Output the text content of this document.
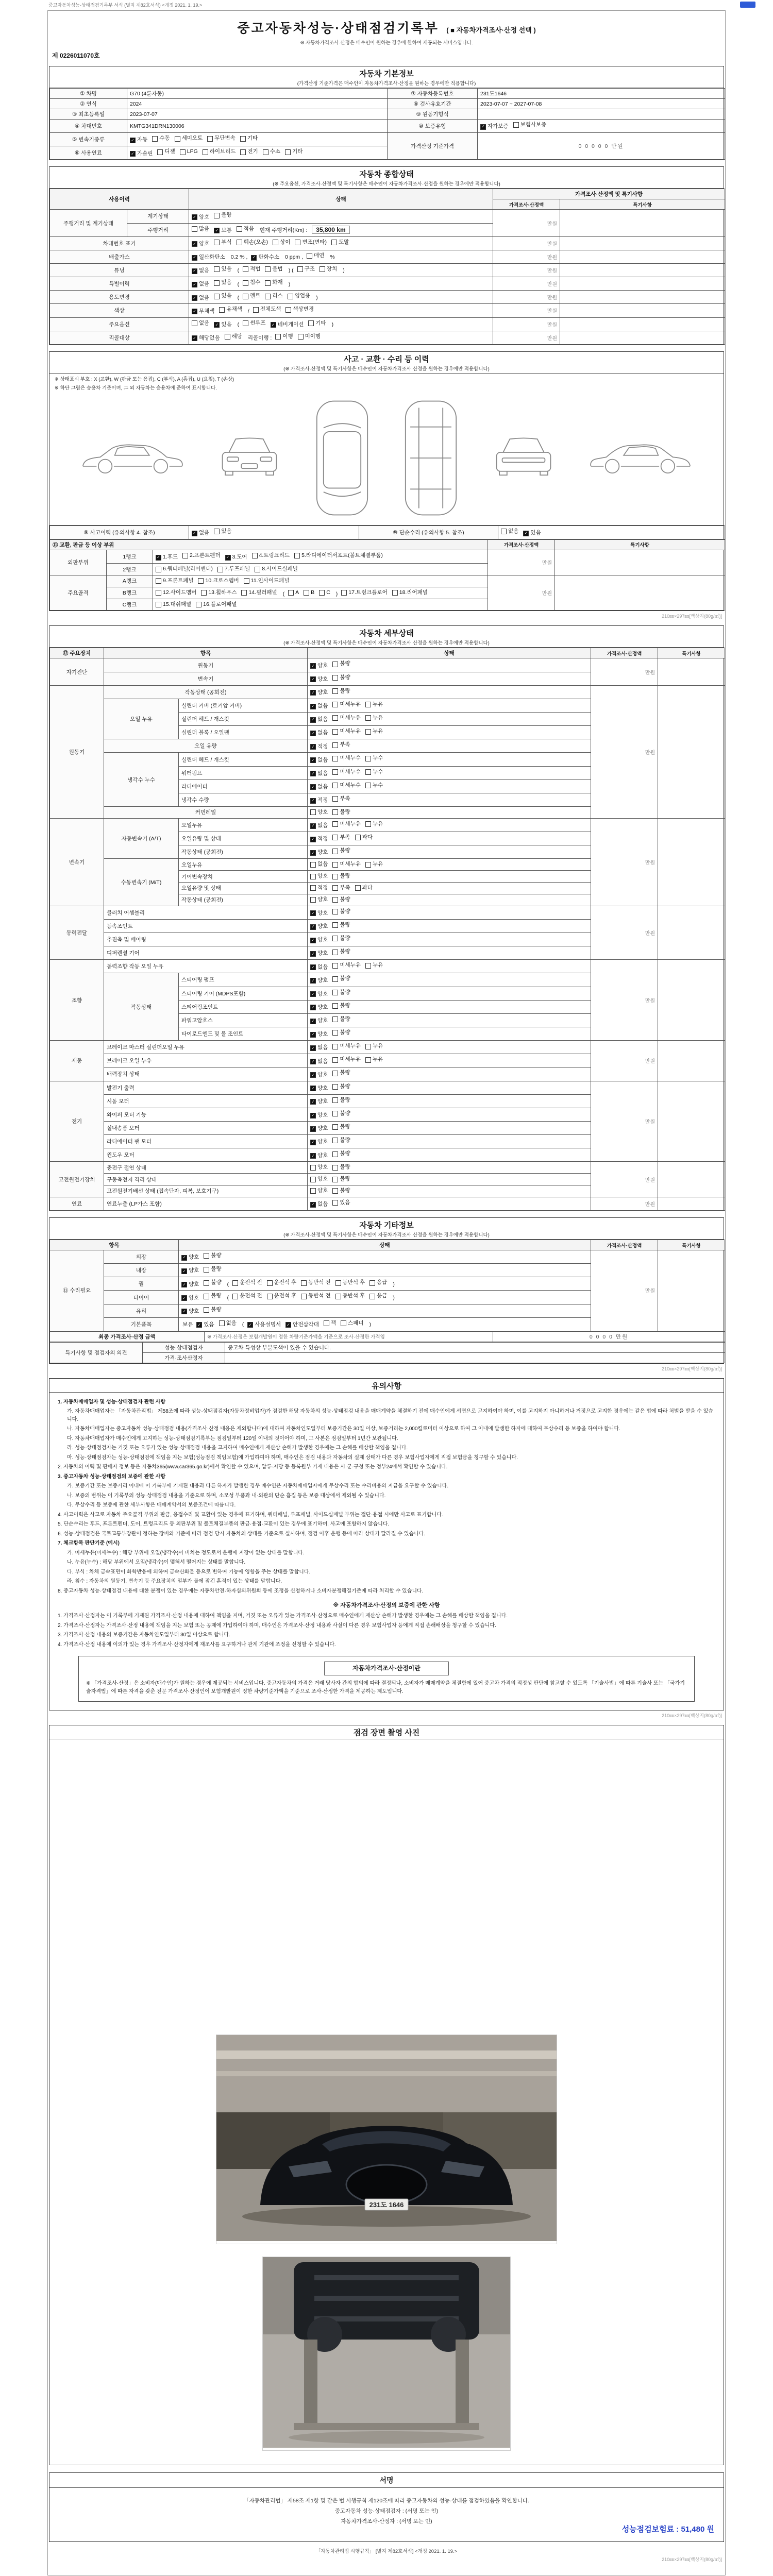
중고자동차성능·상태점검기록부 서식 (별지 제82호서식) <개정 2021. 1. 19.>
중고자동차성능·상태점검기록부 ( ■ 자동차가격조사·산정 선택 )
※ 자동차가격조사·산정은 매수인이 원하는 경우에 한하여 제공되는 서비스입니다.
제 0226011070호
자동차 기본정보
(가격산정 기준가격은 매수인이 자동차가격조사·산정을 원하는 경우에만 적용합니다)
① 차명	G70 (4륜자동)	⑦ 자동차등록번호	231도1646
② 연식	2024	⑧ 검사유효기간	2023-07-07 ~ 2027-07-08
③ 최초등록일	2023-07-07	⑨ 원동기형식	
④ 차대번호	KMTG341DRN130006	⑩ 보증유형	✓ 자가보증 보험사보증

⑤ 변속기종류	✓ 자동 수동 세미오토 무단변속 기타
	가격산정 기준가격	0 0 0 0 0 만원
⑥ 사용연료	✓ 가솔린 디젤 LPG 하이브리드 전기 수소 기타
자동차 종합상태
(※ 주요옵션, 가격조사·산정액 및 특기사항은 매수인이 자동차가격조사·산정을 원하는 경우에만 적용합니다)
사용이력		상태	가격조사·산정액 및 특기사항	
			가격조사·산정액	특기사항
주행거리 및 계기상태	계기상태	✓ 양호 불량	만원	
	주행거리	많음 ✓ 보통 적음 현재 주행거리(Km) : 35,800 km		
차대번호 표기	✓ 양호 부식 훼손(오손) 상이 변조(변타) 도말	만원	
배출가스	✓ 일산화탄소 0.2 % , ✓ 탄화수소 0 ppm , 매연 %	만원	
튜닝	✓ 없음 있음 ( 적법 불법 ) ( 구조 장치 )	만원	
특별이력	✓ 없음 있음 ( 침수 화재 )	만원	
용도변경	✓ 없음 있음 ( 렌트 리스 영업용 )	만원	
색상	✓ 무채색 유채색 / 전체도색 색상변경	만원	
주요옵션	없음 ✓ 있음 ( 썬루프 ✓ 네비게이션 기타 )	만원	
리콜대상	✓ 해당없음 해당 리콜이행 : 이행 미이행	만원	
사고 · 교환 · 수리 등 이력
(※ 가격조사·산정액 및 특기사항은 매수인이 자동차가격조사·산정을 원하는 경우에만 적용합니다)
※ 상태표시 부호 : X (교환), W (판금 또는 용접), C (부식), A (흠집), U (요철), T (손상)
※ 하단 그림은 승용차 기준이며, 그 외 자동차는 승용차에 준하여 표시합니다.
⑨ 사고이력 (유의사항 4. 참조)	✓ 없음 있음	⑩ 단순수리 (유의사항 5. 참조)	없음 ✓ 있음
⑪ 교환, 판금 등 이상 부위			가격조사·산정액	특기사항
외판부위	1랭크	✓ 1.후드 2.프론트펜더 ✓ 3.도어 4.트렁크리드 5.라디에이터서포트(볼트체결부품)
	만원	
	2랭크	6.쿼터패널(리어펜더) 7.루프패널 8.사이드실패널		

주요골격	A랭크	9.프론트패널 10.크로스멤버 11.인사이드패널	만원	
B랭크	12.사이드멤버 13.휠하우스 14.필러패널 ( A B C ) 17.트렁크플로어 18.리어패널

	C랭크	15.대쉬패널 16.플로어패널		
210㎜×297㎜[백상지(80g/㎡)]
자동차 세부상태
(※ 가격조사·산정액 및 특기사항은 매수인이 자동차가격조사·산정을 원하는 경우에만 적용합니다)
⑫ 주요장치	항목		상태	가격조사·산정액	특기사항
자기진단	원동기		✓ 양호 불량	만원	
	변속기		✓ 양호 불량		

원동기	작동상태 (공회전)		✓ 양호 불량	만원	
	오일 누유	실린더 커버 (로커암 커버)	✓ 없음 미세누유 누유		

		실린더 헤드 / 개스킷	✓ 없음 미세누유 누유		

		실린더 블록 / 오일팬	✓ 없음 미세누유 누유		

	오일 유량		✓ 적정 부족		

	냉각수 누수	실린더 헤드 / 개스킷	✓ 없음 미세누수 누수		

		워터펌프	✓ 없음 미세누수 누수		

		라디에이터	✓ 없음 미세누수 누수		

		냉각수 수량	✓ 적정 부족		

	커먼레일		양호 불량		

변속기	자동변속기 (A/T)	오일누유	✓ 없음 미세누유 누유	만원	
		오일유량 및 상태	✓ 적정 부족 과다		

		작동상태 (공회전)	✓ 양호 불량		

	수동변속기 (M/T)	오일누유	없음 미세누유 누유		

		기어변속장치	양호 불량		

		오일유량 및 상태	적정 부족 과다		

		작동상태 (공회전)	양호 불량		

동력전달	클러치 어셈블리		✓ 양호 불량	만원	
	등속조인트		✓ 양호 불량		

	추진축 및 베어링		✓ 양호 불량		

	디퍼렌셜 기어		✓ 양호 불량		

조향	동력조향 작동 오일 누유		✓ 없음 미세누유 누유	만원	
	작동상태	스티어링 펌프	✓ 양호 불량		

		스티어링 기어 (MDPS포함)	✓ 양호 불량		

		스티어링조인트	✓ 양호 불량		

		파워고압호스	✓ 양호 불량		

		타이로드엔드 및 볼 조인트	✓ 양호 불량		

제동	브레이크 마스터 실린더오일 누유		✓ 없음 미세누유 누유	만원	
	브레이크 오일 누유		✓ 없음 미세누유 누유		

	배력장치 상태		✓ 양호 불량		

전기	발전기 출력		✓ 양호 불량	만원	
	시동 모터		✓ 양호 불량		

	와이퍼 모터 기능		✓ 양호 불량		

	실내송풍 모터		✓ 양호 불량		

	라디에이터 팬 모터		✓ 양호 불량		

	윈도우 모터		✓ 양호 불량		

고전원전기장치	충전구 절연 상태		양호 불량	만원	
	구동축전지 격리 상태		양호 불량		

	고전원전기배선 상태 (접속단자, 피복, 보호기구)		양호 불량		

연료	연료누출 (LP가스 포함)		✓ 없음 있음	만원	
자동차 기타정보
(※ 가격조사·산정액 및 특기사항은 매수인이 자동차가격조사·산정을 원하는 경우에만 적용합니다)
항목		상태	가격조사·산정액	특기사항
⑬ 수리필요	외장	✓ 양호 불량	만원	
	내장	✓ 양호 불량		

휠	✓ 양호 불량 ( 운전석 전 운전석 후 동반석 전 동반석 후 응급 )
타이어	✓ 양호 불량 ( 운전석 전 운전석 후 동반석 전 동반석 후 응급 )
	유리	✓ 양호 불량		

기본품목	보유 ✓ 있음 없음 ( ✓ 사용설명서 ✓ 안전삼각대 잭 스패너 )
최종 가격조사·산정 금액	※ 가격조사·산정은 보험개발원이 정한 차량기준가액을 기준으로 조사·산정한 가격임	0 0 0 0 만원
특기사항 및 점검자의 의견	성능·상태점검자	중고차 특성상 부분도색이 있을 수 있습니다.
	가격·조사산정자	
210㎜×297㎜[백상지(80g/㎡)]
유의사항
1. 자동차매매업자 및 성능·상태점검자 관련 사항
가. 자동차매매업자는 「자동차관리법」 제58조에 따라 성능·상태점검자(자동차정비업자)가 점검한 해당 자동차의 성능·상태점검 내용을 매매계약을 체결하기 전에 매수인에게 서면으로 고지하여야 하며, 이를 고지하지 아니하거나 거짓으로 고지한 경우에는 같은 법에 따라 처벌을 받을 수 있습니다.
나. 자동차매매업자는 중고자동차 성능·상태점검 내용(가격조사·산정 내용은 제외합니다)에 대하여 자동차인도일부터 보증기간은 30일 이상, 보증거리는 2,000킬로미터 이상으로 하여 그 이내에 발생한 하자에 대하여 무상수리 등 보증을 하여야 합니다.
다. 자동차매매업자가 매수인에게 고지하는 성능·상태점검기록부는 점검일부터 120일 이내의 것이어야 하며, 그 사본은 점검일부터 1년간 보관됩니다.
라. 성능·상태점검자는 거짓 또는 오류가 있는 성능·상태점검 내용을 고지하여 매수인에게 재산상 손해가 발생한 경우에는 그 손해를 배상할 책임을 집니다.
마. 성능·상태점검자는 성능·상태점검에 책임을 지는 보험(성능점검 책임보험)에 가입하여야 하며, 매수인은 점검 내용과 자동차의 실제 상태가 다른 경우 보험사업자에게 직접 보험금을 청구할 수 있습니다.
2. 자동차의 이력 및 판매자 정보 등은 자동차365(www.car365.go.kr)에서 확인할 수 있으며, 압류·저당 등 등록원부 기재 내용은 시·군·구청 또는 정부24에서 확인할 수 있습니다.
3. 중고자동차 성능·상태점검의 보증에 관한 사항
가. 보증기간 또는 보증거리 이내에 이 기록부에 기재된 내용과 다른 하자가 발생한 경우 매수인은 자동차매매업자에게 무상수리 또는 수리비용의 지급을 요구할 수 있습니다.
나. 보증의 범위는 이 기록부의 성능·상태점검 내용을 기준으로 하며, 소모성 부품과 내·외관의 단순 흠집 등은 보증 대상에서 제외될 수 있습니다.
다. 무상수리 등 보증에 관한 세부사항은 매매계약서의 보증조건에 따릅니다.
4. 사고이력은 사고로 자동차 주요골격 부위의 판금, 용접수리 및 교환이 있는 경우에 표기하며, 쿼터패널, 루프패널, 사이드실패널 부위는 절단·용접 시에만 사고로 표기합니다.
5. 단순수리는 후드, 프론트펜더, 도어, 트렁크리드 등 외판부위 및 볼트체결부품의 판금·용접·교환이 있는 경우에 표기하며, 사고에 포함하지 않습니다.
6. 성능·상태점검은 국토교통부장관이 정하는 장비와 기준에 따라 점검 당시 자동차의 상태를 기준으로 실시하며, 점검 이후 운행 등에 따라 상태가 달라질 수 있습니다.
7. 체크항목 판단기준 (예시)
가. 미세누유(미세누수) : 해당 부위에 오일(냉각수)이 비치는 정도로서 운행에 지장이 없는 상태를 말합니다.
나. 누유(누수) : 해당 부위에서 오일(냉각수)이 맺혀서 떨어지는 상태를 말합니다.
다. 부식 : 차체 금속표면이 화학반응에 의하여 금속산화물 등으로 변하여 기능에 영향을 주는 상태를 말합니다.
라. 침수 : 자동차의 원동기, 변속기 등 주요장치의 일부가 물에 잠긴 흔적이 있는 상태를 말합니다.
8. 중고자동차 성능·상태점검 내용에 대한 분쟁이 있는 경우에는 자동차안전·하자심의위원회 등에 조정을 신청하거나 소비자분쟁해결기준에 따라 처리할 수 있습니다.
※ 자동차가격조사·산정의 보증에 관한 사항
1. 가격조사·산정자는 이 기록부에 기재된 가격조사·산정 내용에 대하여 책임을 지며, 거짓 또는 오류가 있는 가격조사·산정으로 매수인에게 재산상 손해가 발생한 경우에는 그 손해를 배상할 책임을 집니다.
2. 가격조사·산정자는 가격조사·산정 내용에 책임을 지는 보험 또는 공제에 가입하여야 하며, 매수인은 가격조사·산정 내용과 사실이 다른 경우 보험사업자 등에게 직접 손해배상을 청구할 수 있습니다.
3. 가격조사·산정 내용의 보증기간은 자동차인도일부터 30일 이상으로 합니다.
4. 가격조사·산정 내용에 이의가 있는 경우 가격조사·산정자에게 재조사를 요구하거나 관계 기관에 조정을 신청할 수 있습니다.
자동차가격조사·산정이란
※ 「가격조사·산정」은 소비자(매수인)가 원하는 경우에 제공되는 서비스입니다. 중고자동차의 가격은 거래 당사자 간의 합의에 따라 결정되나, 소비자가 매매계약을 체결함에 있어 중고차 가격의 적정성 판단에 참고할 수 있도록 「기술사법」에 따른 기술사 또는 「국가기술자격법」에 따른 자격을 갖춘 전문 가격조사·산정인이 보험개발원이 정한 차량기준가액을 기준으로 조사·산정한 가격을 제공하는 제도입니다.
210㎜×297㎜[백상지(80g/㎡)]
점검 장면 촬영 사진
231도 1646
서명
「자동차관리법」 제58조 제1항 및 같은 법 시행규칙 제120조에 따라 중고자동차의 성능·상태를 점검하였음을 확인합니다.
중고자동차 성능·상태점검자 : (서명 또는 인)
자동차가격조사·산정자 : (서명 또는 인)
성능점검보험료 : 51,480 원
「자동차관리법 시행규칙」 [별지 제82호서식] <개정 2021. 1. 19.>
210㎜×297㎜[백상지(80g/㎡)]
